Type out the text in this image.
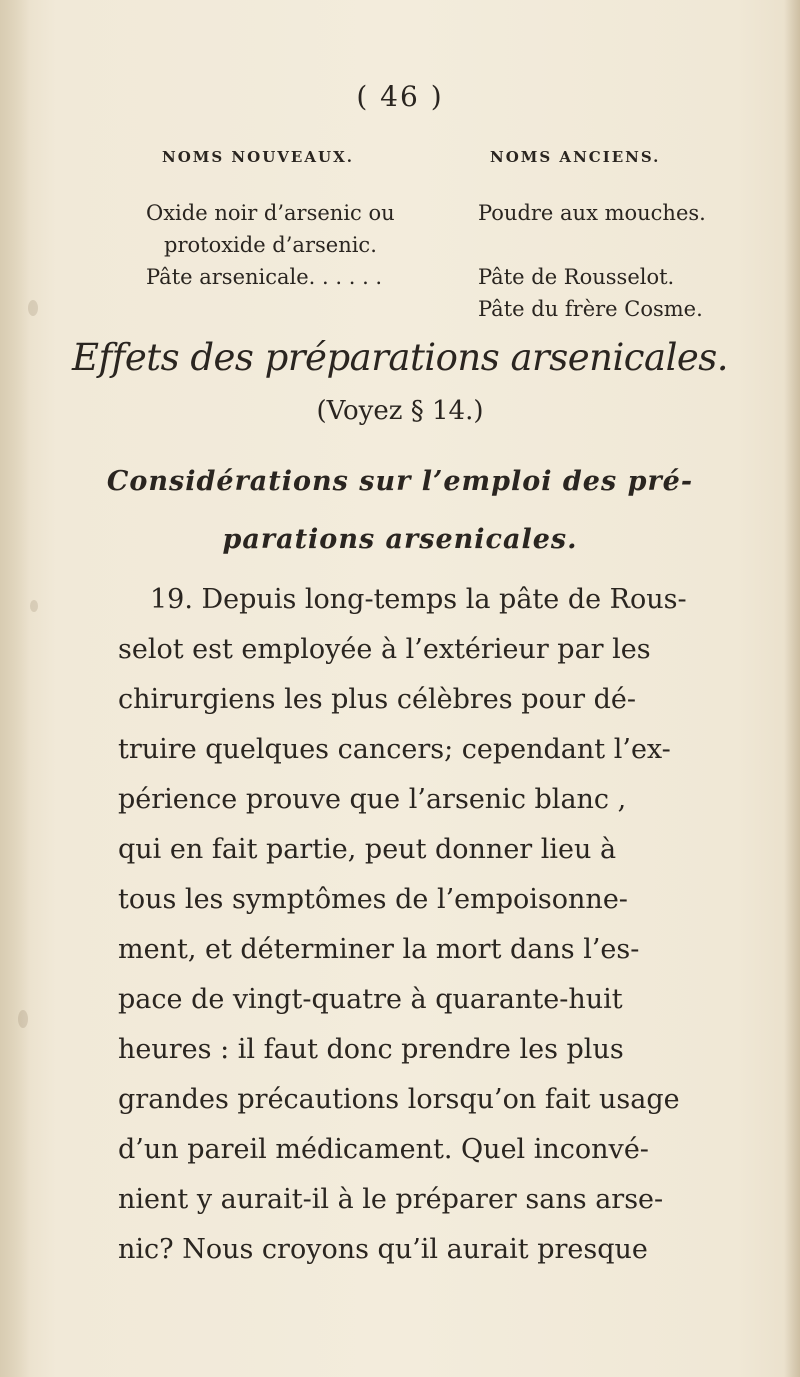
( 46 )
NOMS NOUVEAUX.	NOMS ANCIENS.
Oxide noir d’arsenic ou
protoxide d’arsenic.
Pâte arsenicale. . . . . .
Poudre aux mouches.
Pâte de Rousselot.
Pâte du frère Cosme.
Effets des préparations arsenicales.
(Voyez § 14.)
Considérations sur l’emploi des pré-
parations arsenicales.
19. Depuis long-temps la pâte de Rous-
selot est employée à l’extérieur par les
chirurgiens les plus célèbres pour dé-
truire quelques cancers; cependant l’ex-
périence prouve que l’arsenic blanc ,
qui en fait partie, peut donner lieu à
tous les symptômes de l’empoisonne-
ment, et déterminer la mort dans l’es-
pace de vingt-quatre à quarante-huit
heures : il faut donc prendre les plus
grandes précautions lorsqu’on fait usage
d’un pareil médicament. Quel inconvé-
nient y aurait-il à le préparer sans arse-
nic? Nous croyons qu’il aurait presque
